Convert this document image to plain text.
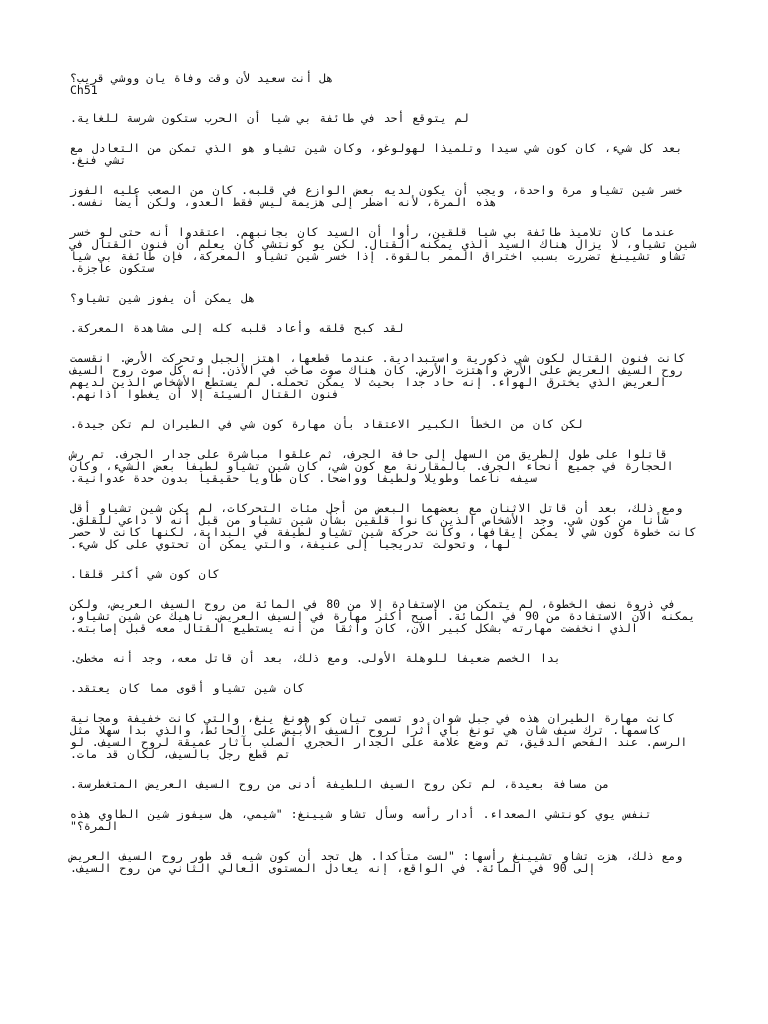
هل أنت سعيد لأن وقت وفاة يان ووشي قريب؟
Ch51

لم يتوقع أحد في طائفة بي شيا أن الحرب ستكون شرسة للغاية.

بعد كل شيء، كان كون شي سيدا وتلميذا لهولوغو، وكان شين تشياو هو الذي تمكن من التعادل مع تشي فنغ.

خسر شين تشياو مرة واحدة، ويجب أن يكون لديه بعض الوازع في قلبه. كان من الصعب عليه الفوز هذه المرة، لأنه اضطر إلى هزيمة ليس فقط العدو، ولكن أيضا نفسه.

عندما كان تلاميذ طائفة بي شيا قلقين، رأوا أن السيد كان بجانبهم. اعتقدوا أنه حتى لو خسر شين تشياو، لا يزال هناك السيد الذي يمكنه القتال. لكن يو كونتشي كان يعلم أن فنون القتال في تشاو تشيينغ تضررت بسبب اختراق الممر بالقوة. إذا خسر شين تشياو المعركة، فإن طائفة بي شيا ستكون عاجزة.

هل يمكن أن يفوز شين تشياو؟

لقد كبح قلقه وأعاد قلبه كله إلى مشاهدة المعركة.

كانت فنون القتال لكون شي ذكورية واستبدادية. عندما قطعها، اهتز الجبل وتحركت الأرض. انقسمت روح السيف العريض على الأرض واهتزت الأرض. كان هناك صوت صاخب في الأذن. إنه كل صوت روح السيف العريض الذي يخترق الهواء. إنه حاد جدا بحيث لا يمكن تحمله. لم يستطع الأشخاص الذين لديهم فنون القتال السيئة إلا أن يغطوا آذانهم.

لكن كان من الخطأ الكبير الاعتقاد بأن مهارة كون شي في الطيران لم تكن جيدة.

قاتلوا على طول الطريق من السهل إلى حافة الجرف، ثم علقوا مباشرة على جدار الجرف. تم رش الحجارة في جميع أنحاء الجرف. بالمقارنة مع كون شي، كان شين تشياو لطيفا بعض الشيء، وكان سيفه ناعما وطويلا ولطيفا وواضحا. كان طاويا حقيقيا بدون حدة عدوانية.

ومع ذلك، بعد أن قاتل الاثنان مع بعضهما البعض من أجل مئات التحركات، لم يكن شين تشياو أقل شأنا من كون شي. وجد الأشخاص الذين كانوا قلقين بشأن شين تشياو من قبل أنه لا داعي للقلق. كانت خطوة كون شي لا يمكن إيقافها، وكانت حركة شين تشياو لطيفة في البداية، لكنها كانت لا حصر لها، وتحولت تدريجيا إلى عنيفة، والتي يمكن أن تحتوي على كل شيء.

كان كون شي أكثر قلقا.

في ذروة نصف الخطوة، لم يتمكن من الاستفادة إلا من 80 في المائة من روح السيف العريض، ولكن يمكنه الآن الاستفادة من 90 في المائة. أصبح أكثر مهارة في السيف العريض. ناهيك عن شين تشياو، الذي انخفضت مهارته بشكل كبير الآن، كان واثقا من أنه يستطيع القتال معه قبل إصابته.

بدا الخصم ضعيفا للوهلة الأولى. ومع ذلك، بعد أن قاتل معه، وجد أنه مخطئ.

كان شين تشياو أقوى مما كان يعتقد.

كانت مهارة الطيران هذه في جبل شوان دو تسمى تيان كو هونغ ينغ، والتي كانت خفيفة ومجانية كاسمها. ترك سيف شان هي تونغ باي أثرا لروح السيف الأبيض على الحائط، والذي بدا سهلا مثل الرسم. عند الفحص الدقيق، تم وضع علامة على الجدار الحجري الصلب بآثار عميقة لروح السيف. لو تم قطع رجل بالسيف، لكان قد مات.

من مسافة بعيدة، لم تكن روح السيف اللطيفة أدنى من روح السيف العريض المتغطرسة.

تنفس يوي كونتشي الصعداء. أدار رأسه وسأل تشاو شيينغ: "شيمي، هل سيفوز شين الطاوي هذه المرة؟"

ومع ذلك، هزت تشاو تشيينغ رأسها: "لست متأكدا. هل تجد أن كون شيه قد طور روح السيف العريض إلى 90 في المائة. في الواقع، إنه يعادل المستوى العالي الثاني من روح السيف.
